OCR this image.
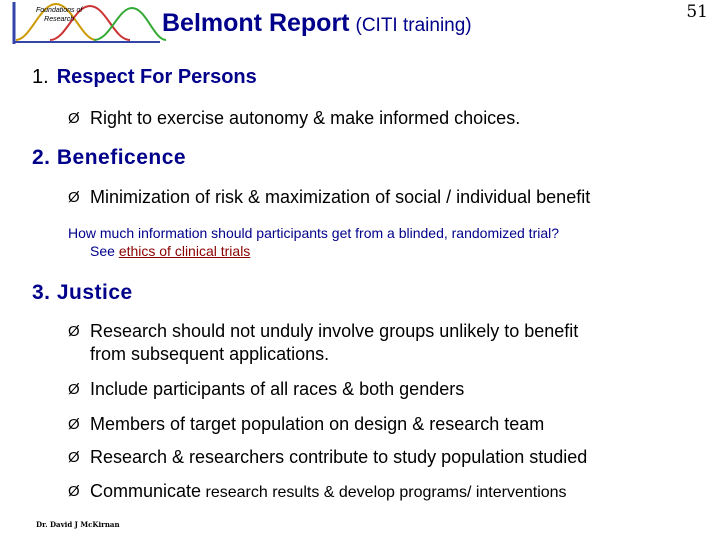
Foundations of
Research	Belmont Report (CITI training)
51
1. Respect For Persons
Ø Right to exercise autonomy & make informed choices.
2. Beneficence
Ø Minimization of risk & maximization of social / individual benefit
How much information should participants get from a blinded, randomized trial?
See ethics of clinical trials
3. Justice
Ø Research should not unduly involve groups unlikely to benefit
from subsequent applications.
Ø Include participants of all races & both genders
Ø Members of target population on design & research team
Ø Research & researchers contribute to study population studied
Ø Communicate research results & develop programs/ interventions
Dr. David J McKirnan
